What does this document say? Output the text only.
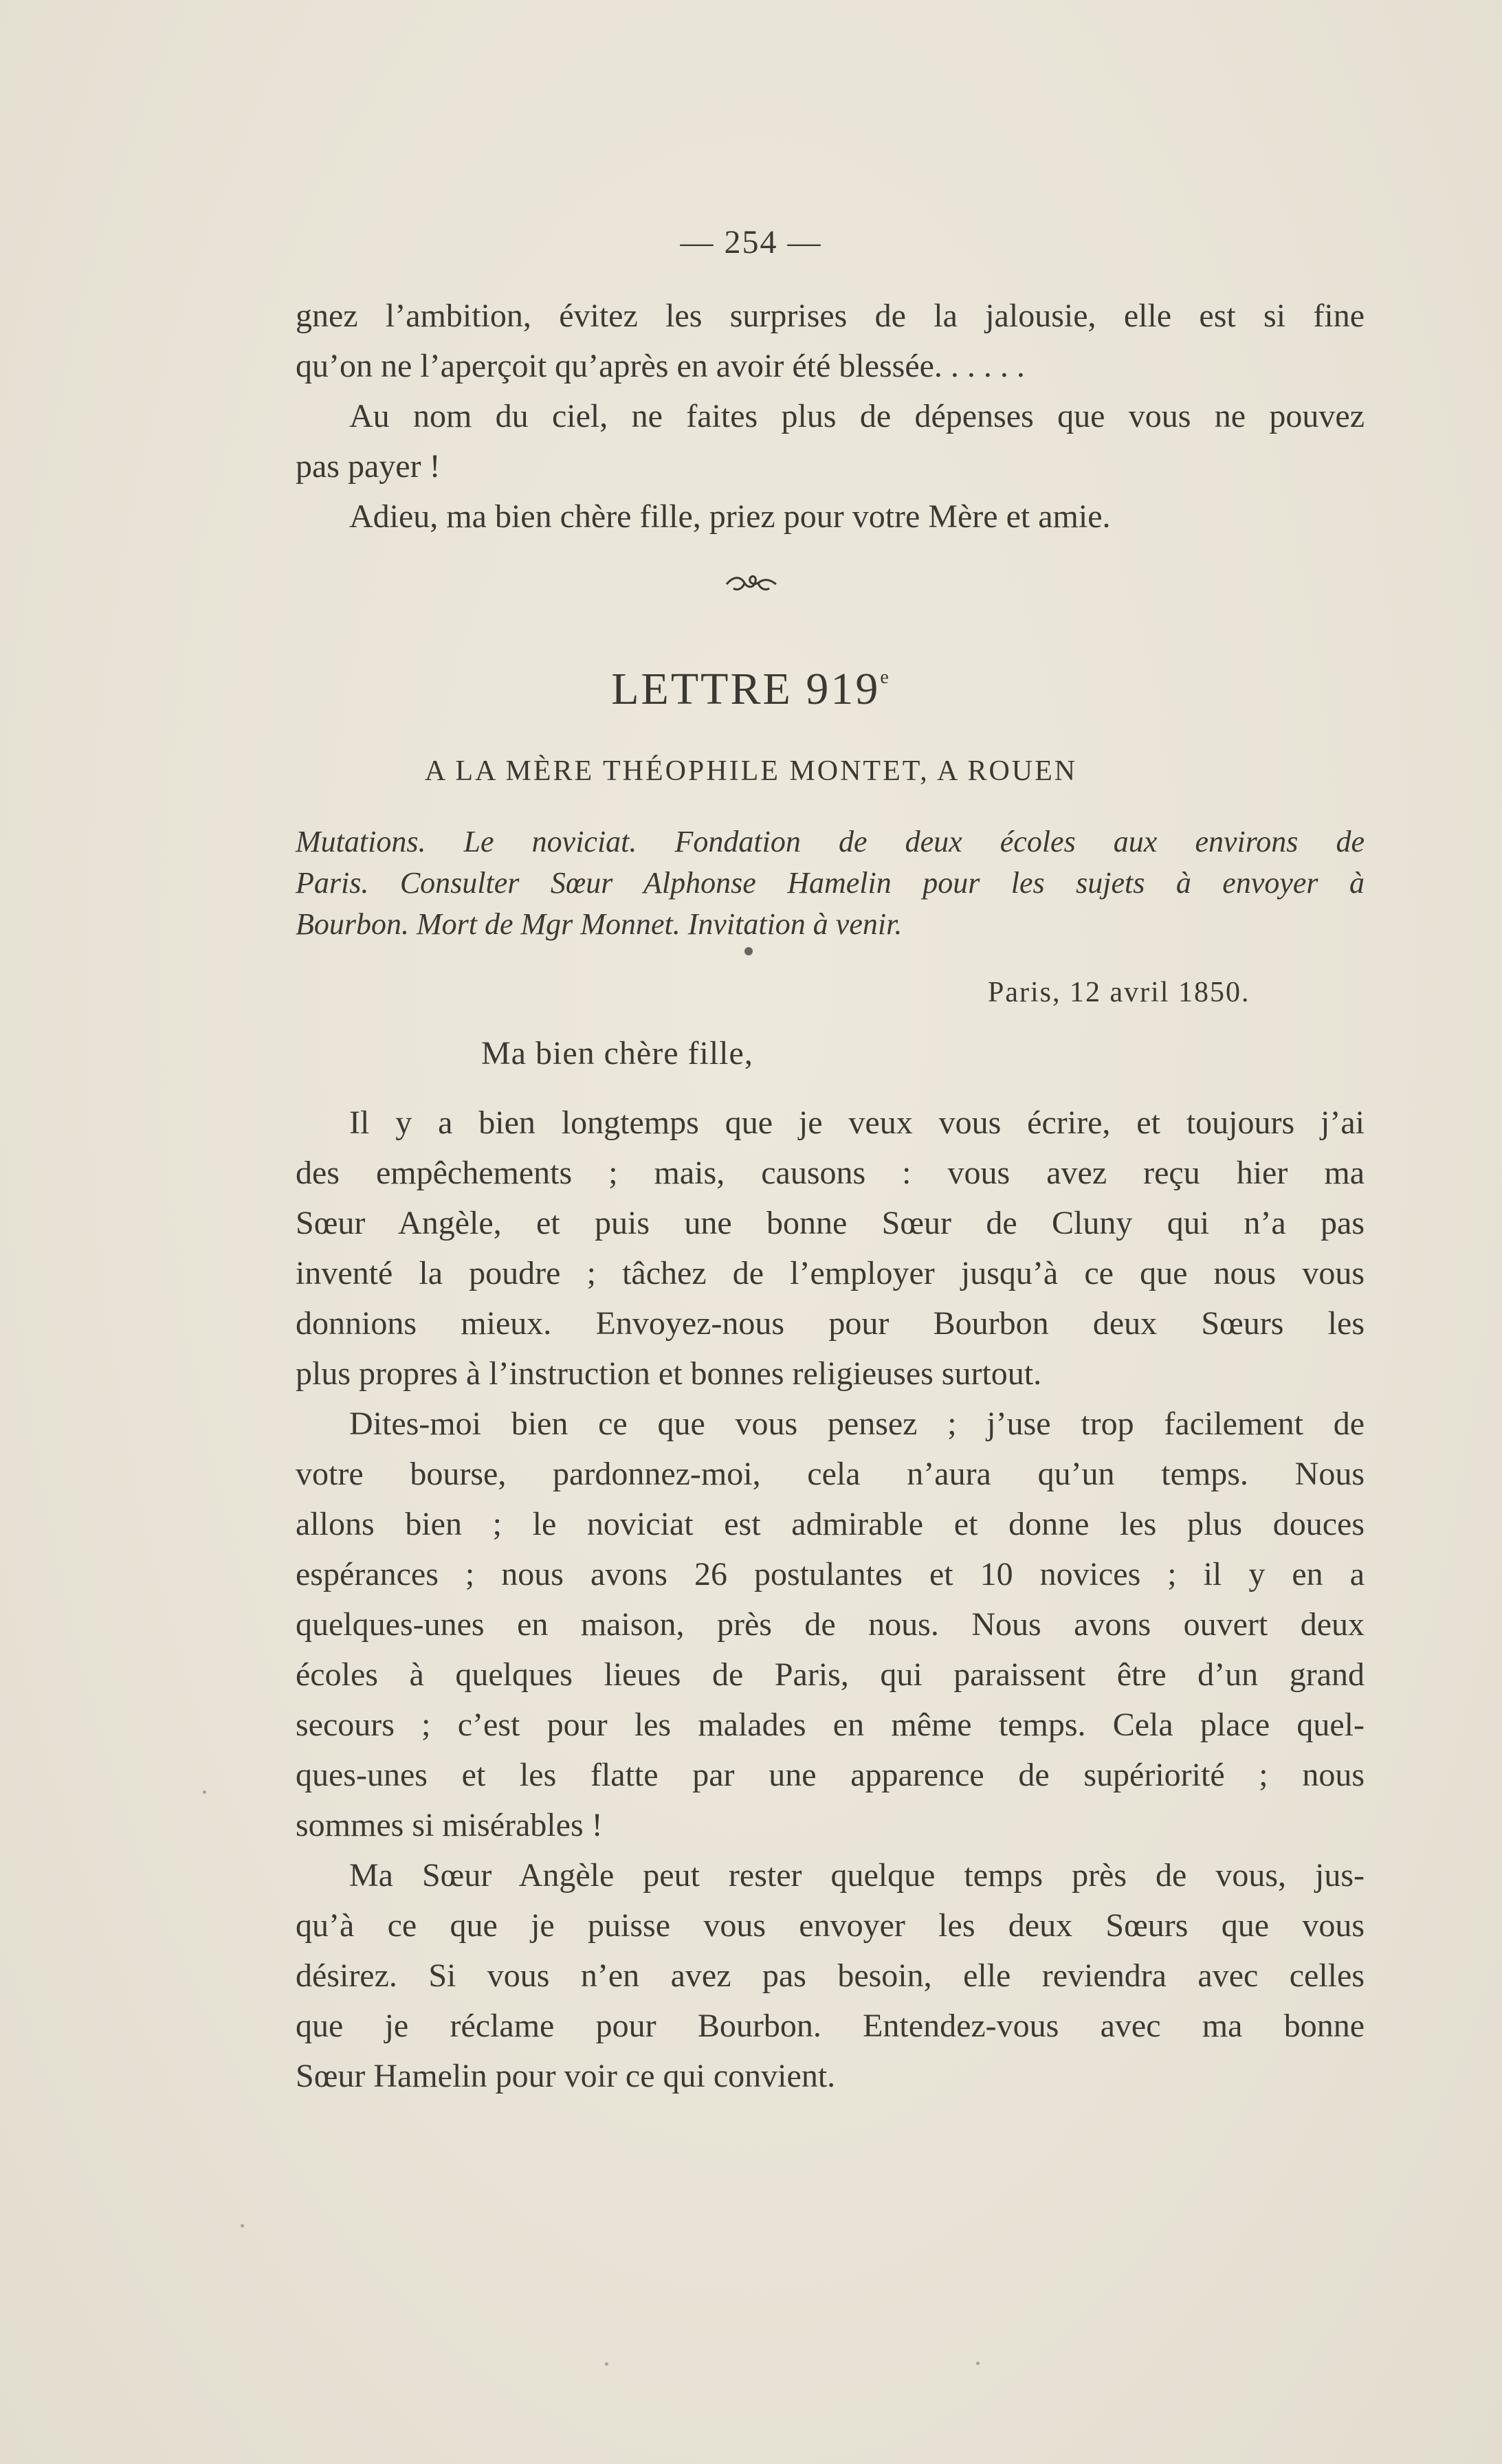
— 254 —
gnez l’ambition, évitez les surprises de la jalousie, elle est si fine
qu’on ne l’aperçoit qu’après en avoir été blessée. . . . . .
Au nom du ciel, ne faites plus de dépenses que vous ne pouvez
pas payer !
Adieu, ma bien chère fille, priez pour votre Mère et amie.
LETTRE 919e
A LA MÈRE THÉOPHILE MONTET, A ROUEN
Mutations. Le noviciat. Fondation de deux écoles aux environs de
Paris. Consulter Sœur Alphonse Hamelin pour les sujets à envoyer à
Bourbon. Mort de Mgr Monnet. Invitation à venir.
Paris, 12 avril 1850.
Ma bien chère fille,
Il y a bien longtemps que je veux vous écrire, et toujours j’ai
des empêchements ; mais, causons : vous avez reçu hier ma
Sœur Angèle, et puis une bonne Sœur de Cluny qui n’a pas
inventé la poudre ; tâchez de l’employer jusqu’à ce que nous vous
donnions mieux. Envoyez-nous pour Bourbon deux Sœurs les
plus propres à l’instruction et bonnes religieuses surtout.
Dites-moi bien ce que vous pensez ; j’use trop facilement de
votre bourse, pardonnez-moi, cela n’aura qu’un temps. Nous
allons bien ; le noviciat est admirable et donne les plus douces
espérances ; nous avons 26 postulantes et 10 novices ; il y en a
quelques-unes en maison, près de nous. Nous avons ouvert deux
écoles à quelques lieues de Paris, qui paraissent être d’un grand
secours ; c’est pour les malades en même temps. Cela place quel-
ques-unes et les flatte par une apparence de supériorité ; nous
sommes si misérables !
Ma Sœur Angèle peut rester quelque temps près de vous, jus-
qu’à ce que je puisse vous envoyer les deux Sœurs que vous
désirez. Si vous n’en avez pas besoin, elle reviendra avec celles
que je réclame pour Bourbon. Entendez-vous avec ma bonne
Sœur Hamelin pour voir ce qui convient.
